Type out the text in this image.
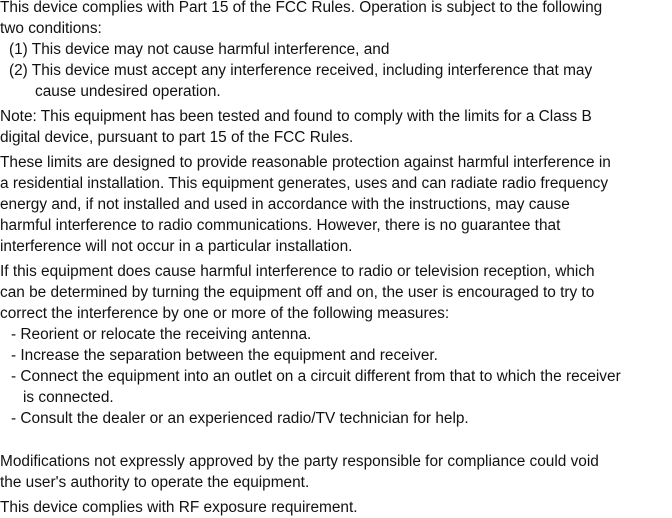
This device complies with Part 15 of the FCC Rules. Operation is subject to the following
two conditions:
(1) This device may not cause harmful interference, and
(2) This device must accept any interference received, including interference that may
cause undesired operation.
Note: This equipment has been tested and found to comply with the limits for a Class B
digital device, pursuant to part 15 of the FCC Rules.
These limits are designed to provide reasonable protection against harmful interference in
a residential installation. This equipment generates, uses and can radiate radio frequency
energy and, if not installed and used in accordance with the instructions, may cause
harmful interference to radio communications. However, there is no guarantee that
interference will not occur in a particular installation.
If this equipment does cause harmful interference to radio or television reception, which
can be determined by turning the equipment off and on, the user is encouraged to try to
correct the interference by one or more of the following measures:
- Reorient or relocate the receiving antenna.
- Increase the separation between the equipment and receiver.
- Connect the equipment into an outlet on a circuit different from that to which the receiver
is connected.
- Consult the dealer or an experienced radio/TV technician for help.
Modifications not expressly approved by the party responsible for compliance could void
the user's authority to operate the equipment.
This device complies with RF exposure requirement.
